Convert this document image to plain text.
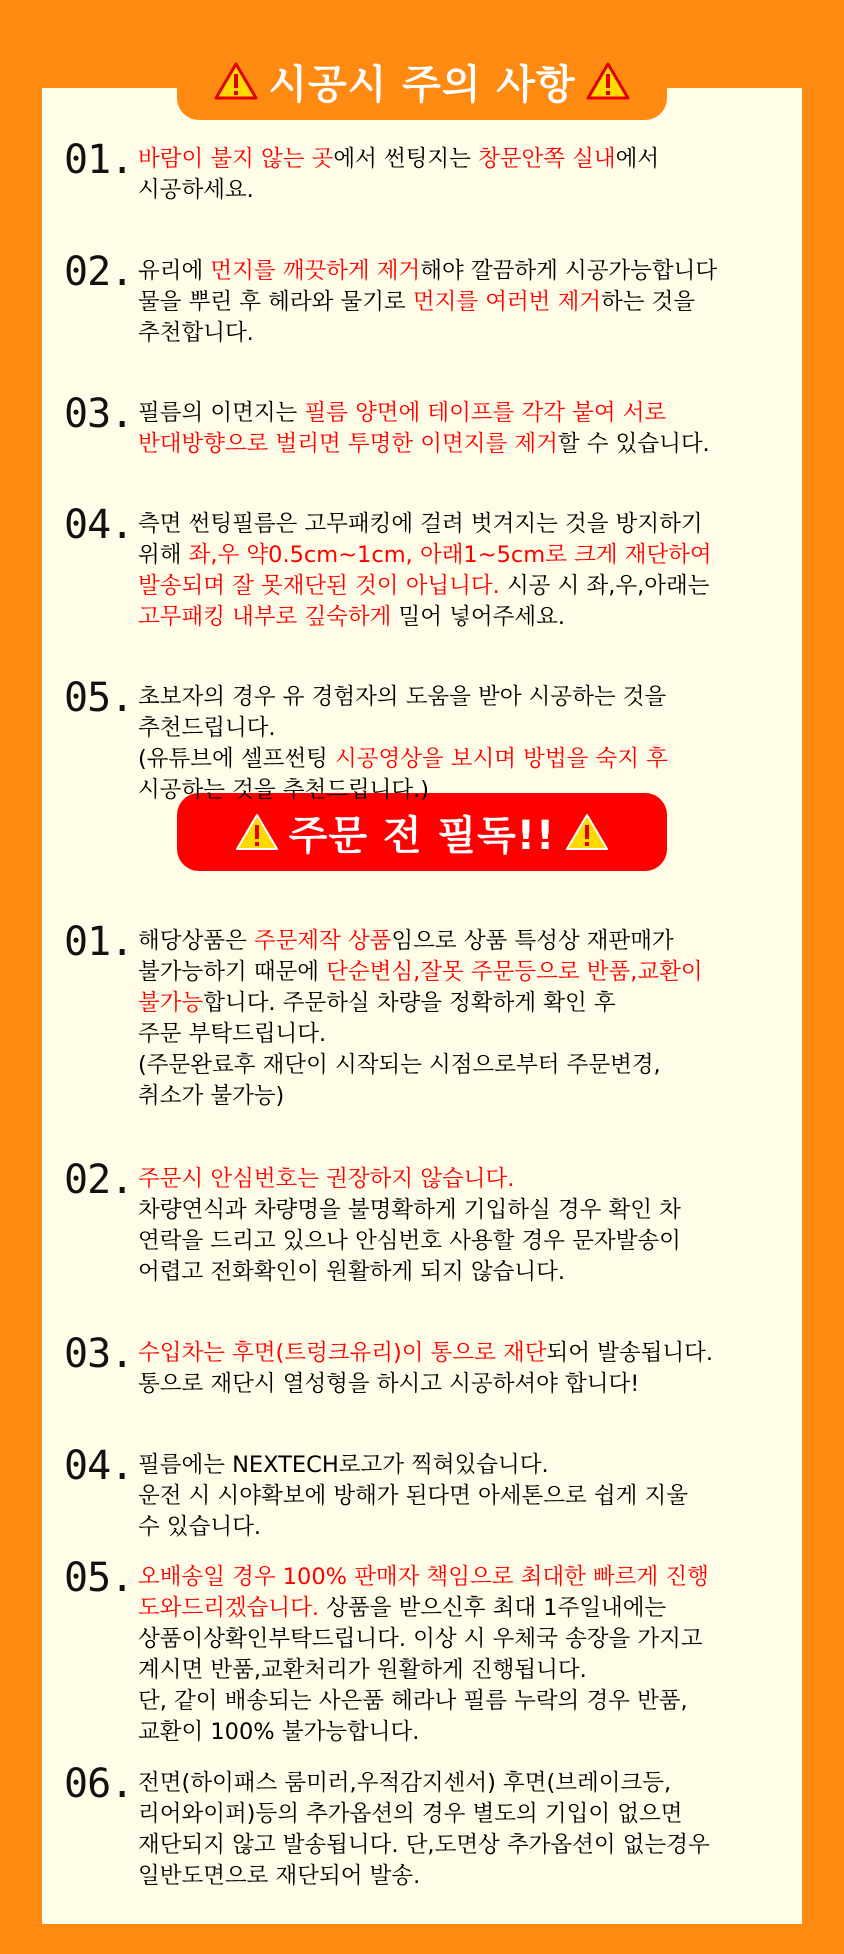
시공시 주의 사항
주문 전 필독!!
01. 바람이 불지 않는 곳에서 썬팅지는 창문안쪽 실내에서
시공하세요.
02. 유리에 먼지를 깨끗하게 제거해야 깔끔하게 시공가능합니다
물을 뿌린 후 헤라와 물기로 먼지를 여러번 제거하는 것을
추천합니다.
03. 필름의 이면지는 필름 양면에 테이프를 각각 붙여 서로
반대방향으로 벌리면 투명한 이면지를 제거할 수 있습니다.
04. 측면 썬팅필름은 고무패킹에 걸려 벗겨지는 것을 방지하기
위해 좌,우 약0.5cm~1cm, 아래1~5cm로 크게 재단하여
발송되며 잘 못재단된 것이 아닙니다. 시공 시 좌,우,아래는
고무패킹 내부로 깊숙하게 밀어 넣어주세요.
05. 초보자의 경우 유 경험자의 도움을 받아 시공하는 것을
추천드립니다.
(유튜브에 셀프썬팅 시공영상을 보시며 방법을 숙지 후
시공하는 것을 추천드립니다.)
01. 해당상품은 주문제작 상품임으로 상품 특성상 재판매가
불가능하기 때문에 단순변심,잘못 주문등으로 반품,교환이
불가능합니다. 주문하실 차량을 정확하게 확인 후
주문 부탁드립니다.
(주문완료후 재단이 시작되는 시점으로부터 주문변경,
취소가 불가능)
02. 주문시 안심번호는 권장하지 않습니다.
차량연식과 차량명을 불명확하게 기입하실 경우 확인 차
연락을 드리고 있으나 안심번호 사용할 경우 문자발송이
어렵고 전화확인이 원활하게 되지 않습니다.
03. 수입차는 후면(트렁크유리)이 통으로 재단되어 발송됩니다.
통으로 재단시 열성형을 하시고 시공하셔야 합니다!
04. 필름에는 NEXTECH로고가 찍혀있습니다.
운전 시 시야확보에 방해가 된다면 아세톤으로 쉽게 지울
수 있습니다.
05. 오배송일 경우 100% 판매자 책임으로 최대한 빠르게 진행
도와드리겠습니다. 상품을 받으신후 최대 1주일내에는
상품이상확인부탁드립니다. 이상 시 우체국 송장을 가지고
계시면 반품,교환처리가 원활하게 진행됩니다.
단, 같이 배송되는 사은품 헤라나 필름 누락의 경우 반품,
교환이 100% 불가능합니다.
06. 전면(하이패스 룸미러,우적감지센서) 후면(브레이크등,
리어와이퍼)등의 추가옵션의 경우 별도의 기입이 없으면
재단되지 않고 발송됩니다. 단,도면상 추가옵션이 없는경우
일반도면으로 재단되어 발송.
